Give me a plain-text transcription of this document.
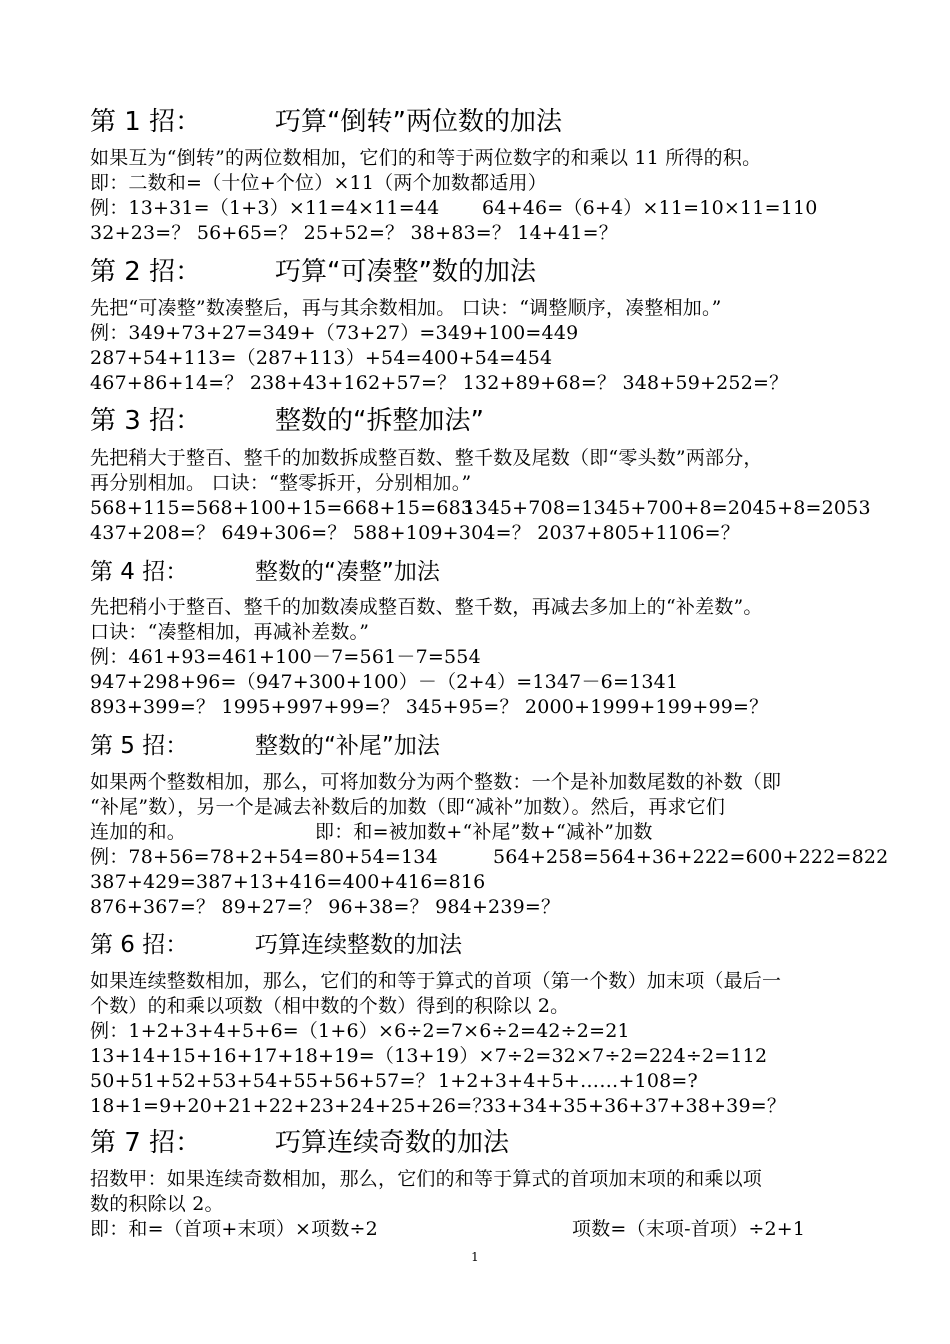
第 1 招：	巧算“倒转”两位数的加法
如果互为“倒转”的两位数相加，它们的和等于两位数字的和乘以 11 所得的积。
即：二数和=（十位+个位）×11（两个加数都适用）
例：13+31=（1+3）×11=4×11=44 64+46=（6+4）×11=10×11=110
32+23=？ 56+65=？ 25+52=？ 38+83=？ 14+41=？
第 2 招：	巧算“可凑整”数的加法
先把“可凑整”数凑整后，再与其余数相加。 口诀：“调整顺序，凑整相加。”
例：349+73+27=349+（73+27）=349+100=449
287+54+113=（287+113）+54=400+54=454
467+86+14=？ 238+43+162+57=？ 132+89+68=？ 348+59+252=？
第 3 招：	整数的“拆整加法”
先把稍大于整百、整千的加数拆成整百数、整千数及尾数（即“零头数”两部分，
再分别相加。 口诀：“整零拆开，分别相加。”
568+115=568+100+15=668+15=683
1345+708=1345+700+8=2045+8=2053
437+208=？ 649+306=？ 588+109+304=？ 2037+805+1106=？
第 4 招：	整数的“凑整”加法
先把稍小于整百、整千的加数凑成整百数、整千数，再减去多加上的“补差数”。
口诀：“凑整相加，再减补差数。”
例：461+93=461+100－7=561－7=554
947+298+96=（947+300+100）－（2+4）=1347－6=1341
893+399=？ 1995+997+99=？ 345+95=？ 2000+1999+199+99=？
第 5 招：	整数的“补尾”加法
如果两个整数相加，那么，可将加数分为两个整数：一个是补加数尾数的补数（即
“补尾”数），另一个是减去补数后的加数（即“减补”加数）。然后，再求它们
连加的和。	即：和=被加数+“补尾”数+“减补”加数
例：78+56=78+2+54=80+54=134	564+258=564+36+222=600+222=822
387+429=387+13+416=400+416=816
876+367=？ 89+27=？ 96+38=？ 984+239=？
第 6 招：	巧算连续整数的加法
如果连续整数相加，那么，它们的和等于算式的首项（第一个数）加末项（最后一
个数）的和乘以项数（相中数的个数）得到的积除以 2。
例：1+2+3+4+5+6=（1+6）×6÷2=7×6÷2=42÷2=21
13+14+15+16+17+18+19=（13+19）×7÷2=32×7÷2=224÷2=112
50+51+52+53+54+55+56+57=？ 1+2+3+4+5+……+108=?
18+1=9+20+21+22+23+24+25+26=？
33+34+35+36+37+38+39=？
第 7 招：	巧算连续奇数的加法
招数甲：如果连续奇数相加，那么，它们的和等于算式的首项加末项的和乘以项
数的积除以 2。
即：和=（首项+末项）×项数÷2	项数=（末项-首项）÷2+1
1
